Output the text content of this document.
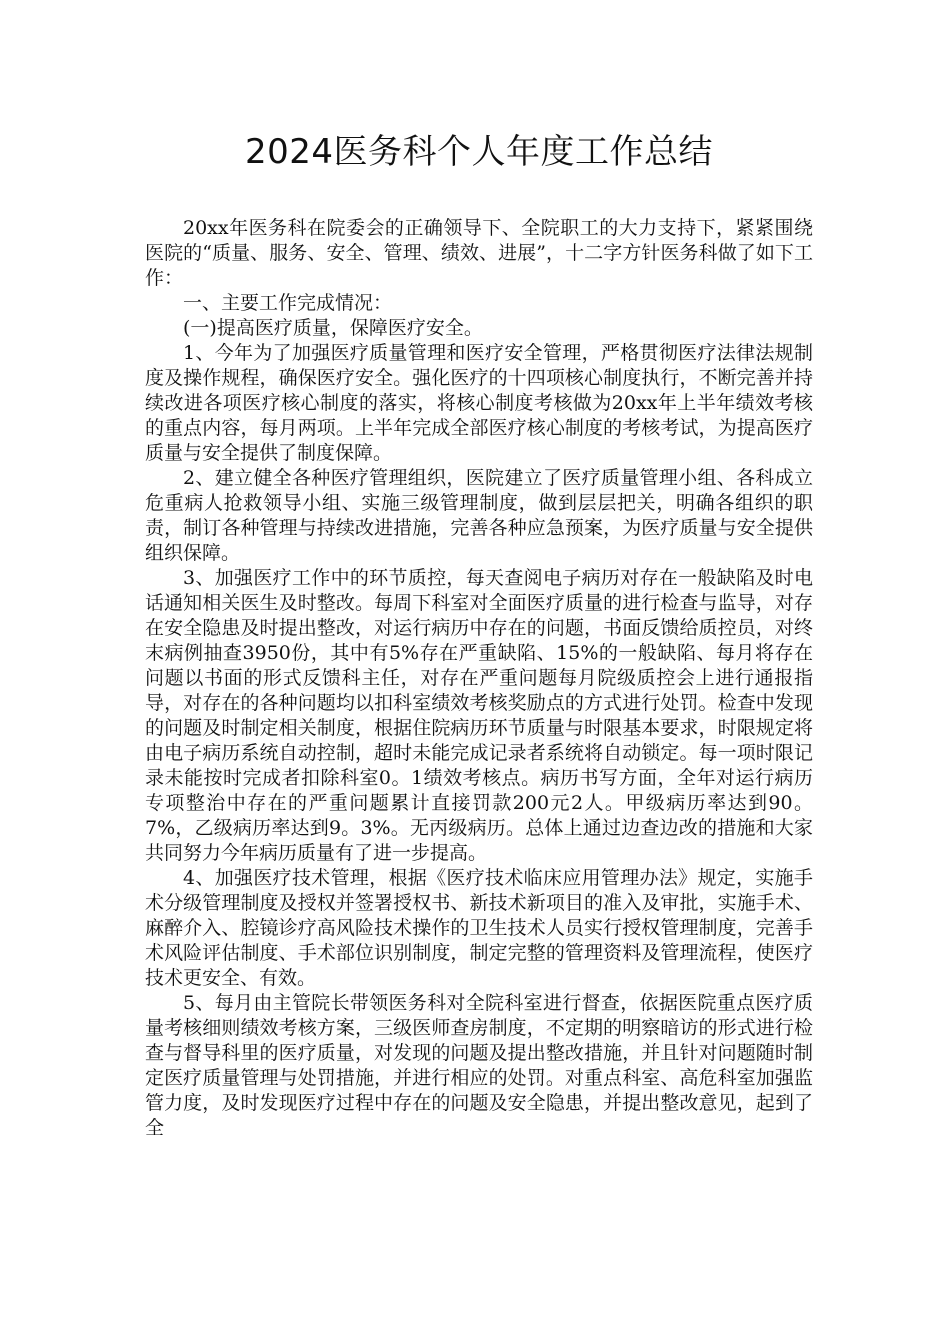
2024医务科个人年度工作总结

20xx年医务科在院委会的正确领导下、全院职工的大力支持下，紧紧围绕医院的“质量、服务、安全、管理、绩效、进展”，十二字方针医务科做了如下工作：

一、主要工作完成情况：

(一)提高医疗质量，保障医疗安全。

1、今年为了加强医疗质量管理和医疗安全管理，严格贯彻医疗法律法规制度及操作规程，确保医疗安全。强化医疗的十四项核心制度执行，不断完善并持续改进各项医疗核心制度的落实，将核心制度考核做为20xx年上半年绩效考核的重点内容，每月两项。上半年完成全部医疗核心制度的考核考试，为提高医疗质量与安全提供了制度保障。

2、建立健全各种医疗管理组织，医院建立了医疗质量管理小组、各科成立危重病人抢救领导小组、实施三级管理制度，做到层层把关，明确各组织的职责，制订各种管理与持续改进措施，完善各种应急预案，为医疗质量与安全提供组织保障。

3、加强医疗工作中的环节质控，每天查阅电子病历对存在一般缺陷及时电话通知相关医生及时整改。每周下科室对全面医疗质量的进行检查与监导，对存在安全隐患及时提出整改，对运行病历中存在的问题，书面反馈给质控员，对终末病例抽查3950份，其中有5%存在严重缺陷、15%的一般缺陷、每月将存在问题以书面的形式反馈科主任，对存在严重问题每月院级质控会上进行通报指导，对存在的各种问题均以扣科室绩效考核奖励点的方式进行处罚。检查中发现的问题及时制定相关制度，根据住院病历环节质量与时限基本要求，时限规定将由电子病历系统自动控制，超时未能完成记录者系统将自动锁定。每一项时限记录未能按时完成者扣除科室0。1绩效考核点。病历书写方面，全年对运行病历专项整治中存在的严重问题累计直接罚款200元2人。甲级病历率达到90。7%，乙级病历率达到9。3%。无丙级病历。总体上通过边查边改的措施和大家共同努力今年病历质量有了进一步提高。

4、加强医疗技术管理，根据《医疗技术临床应用管理办法》规定，实施手术分级管理制度及授权并签署授权书、新技术新项目的准入及审批，实施手术、麻醉介入、腔镜诊疗高风险技术操作的卫生技术人员实行授权管理制度，完善手术风险评估制度、手术部位识别制度，制定完整的管理资料及管理流程，使医疗技术更安全、有效。

5、每月由主管院长带领医务科对全院科室进行督查，依据医院重点医疗质量考核细则绩效考核方案，三级医师查房制度，不定期的明察暗访的形式进行检查与督导科里的医疗质量，对发现的问题及提出整改措施，并且针对问题随时制定医疗质量管理与处罚措施，并进行相应的处罚。对重点科室、高危科室加强监管力度，及时发现医疗过程中存在的问题及安全隐患，并提出整改意见，起到了全
